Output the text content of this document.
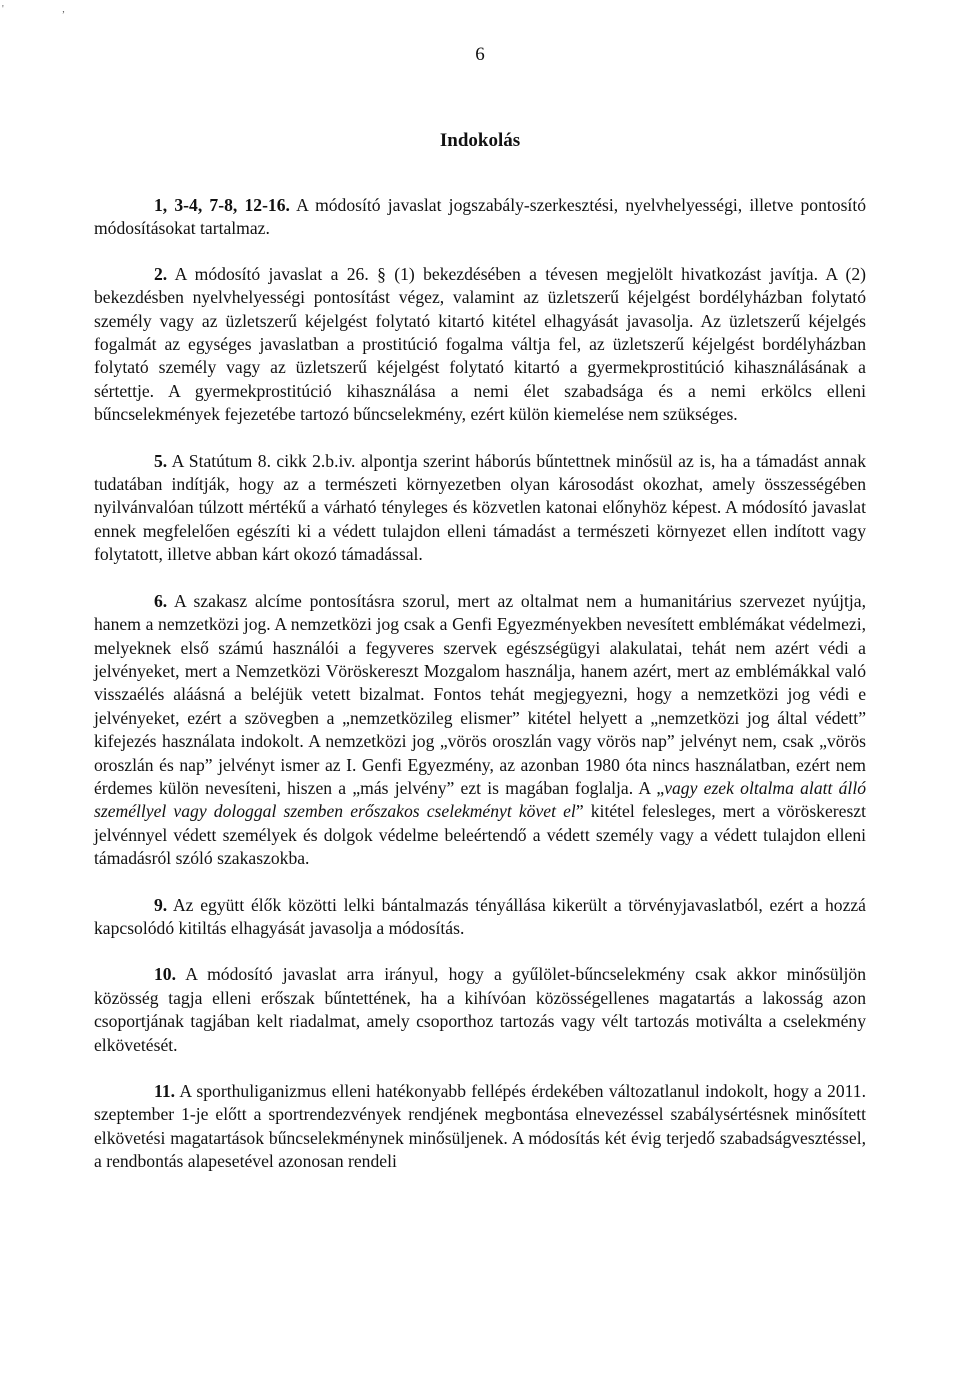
' ,
6
Indokolás

1, 3-4, 7-8, 12-16. A módosító javaslat jogszabály-szerkesztési, nyelvhelyességi, illetve pontosító módosításokat tartalmaz.

2. A módosító javaslat a 26. § (1) bekezdésében a tévesen megjelölt hivatkozást javítja. A (2) bekezdésben nyelvhelyességi pontosítást végez, valamint az üzletszerű kéjelgést bordélyházban folytató személy vagy az üzletszerű kéjelgést folytató kitartó kitétel elhagyását javasolja. Az üzletszerű kéjelgés fogalmát az egységes javaslatban a prostitúció fogalma váltja fel, az üzletszerű kéjelgést bordélyházban folytató személy vagy az üzletszerű kéjelgést folytató kitartó a gyermekprostitúció kihasználásának a sértettje. A gyermekprostitúció kihasználása a nemi élet szabadsága és a nemi erkölcs elleni bűncselekmények fejezetébe tartozó bűncselekmény, ezért külön kiemelése nem szükséges.

5. A Statútum 8. cikk 2.b.iv. alpontja szerint háborús bűntettnek minősül az is, ha a támadást annak tudatában indítják, hogy az a természeti környezetben olyan károsodást okozhat, amely összességében nyilvánvalóan túlzott mértékű a várható tényleges és közvetlen katonai előnyhöz képest. A módosító javaslat ennek megfelelően egészíti ki a védett tulajdon elleni támadást a természeti környezet ellen indított vagy folytatott, illetve abban kárt okozó támadással.

6. A szakasz alcíme pontosításra szorul, mert az oltalmat nem a humanitárius szervezet nyújtja, hanem a nemzetközi jog. A nemzetközi jog csak a Genfi Egyezményekben nevesített emblémákat védelmezi, melyeknek első számú használói a fegyveres szervek egészségügyi alakulatai, tehát nem azért védi a jelvényeket, mert a Nemzetközi Vöröskereszt Mozgalom használja, hanem azért, mert az emblémákkal való visszaélés aláásná a beléjük vetett bizalmat. Fontos tehát megjegyezni, hogy a nemzetközi jog védi e jelvényeket, ezért a szövegben a „nemzetközileg elismer” kitétel helyett a „nemzetközi jog által védett” kifejezés használata indokolt. A nemzetközi jog „vörös oroszlán vagy vörös nap” jelvényt nem, csak „vörös oroszlán és nap” jelvényt ismer az I. Genfi Egyezmény, az azonban 1980 óta nincs használatban, ezért nem érdemes külön nevesíteni, hiszen a „más jelvény” ezt is magában foglalja. A „vagy ezek oltalma alatt álló személlyel vagy dologgal szemben erőszakos cselekményt követ el” kitétel felesleges, mert a vöröskereszt jelvénnyel védett személyek és dolgok védelme beleértendő a védett személy vagy a védett tulajdon elleni támadásról szóló szakaszokba.

9. Az együtt élők közötti lelki bántalmazás tényállása kikerült a törvényjavaslatból, ezért a hozzá kapcsolódó kitiltás elhagyását javasolja a módosítás.

10. A módosító javaslat arra irányul, hogy a gyűlölet-bűncselekmény csak akkor minősüljön közösség tagja elleni erőszak bűntettének, ha a kihívóan közösségellenes magatartás a lakosság azon csoportjának tagjában kelt riadalmat, amely csoporthoz tartozás vagy vélt tartozás motiválta a cselekmény elkövetését.

11. A sporthuliganizmus elleni hatékonyabb fellépés érdekében változatlanul indokolt, hogy a 2011. szeptember 1-je előtt a sportrendezvények rendjének megbontása elnevezéssel szabálysértésnek minősített elkövetési magatartások bűncselekménynek minősüljenek. A módosítás két évig terjedő szabadságvesztéssel, a rendbontás alapesetével azonosan rendeli
